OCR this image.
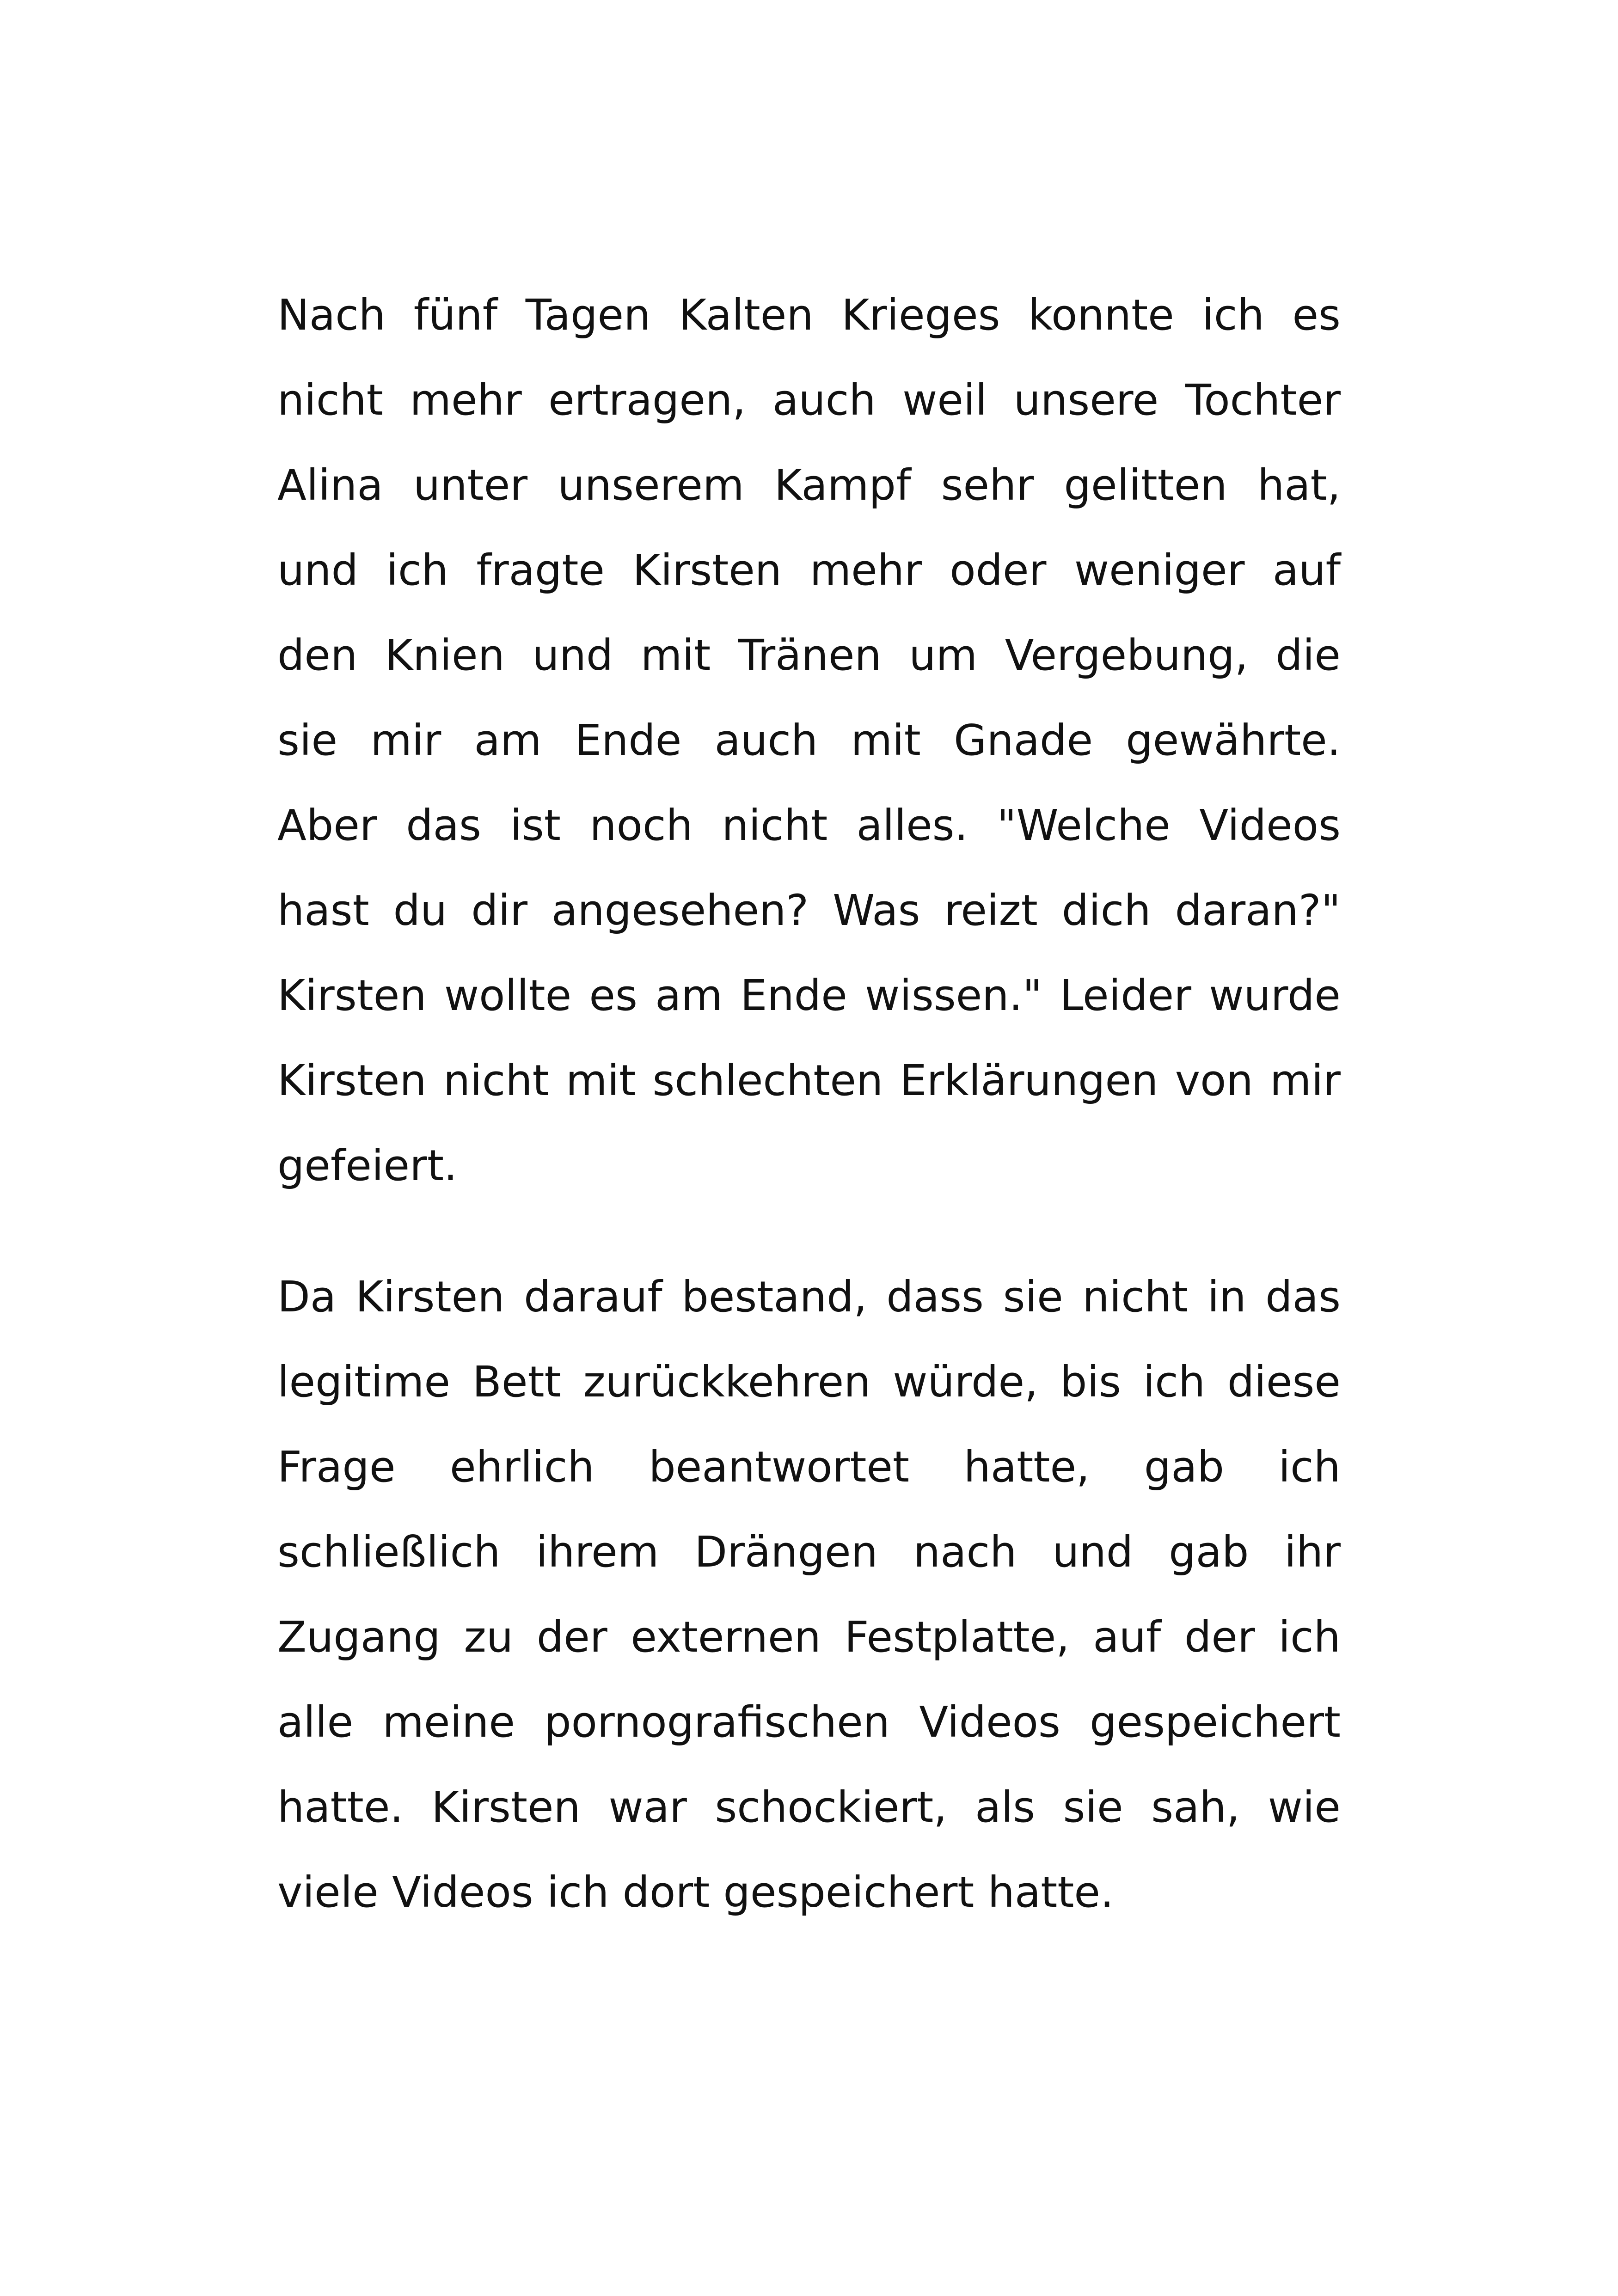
Nach fünf Tagen Kalten Krieges konnte ich es
nicht mehr ertragen, auch weil unsere Tochter
Alina unter unserem Kampf sehr gelitten hat,
und ich fragte Kirsten mehr oder weniger auf
den Knien und mit Tränen um Vergebung, die
sie mir am Ende auch mit Gnade gewährte.
Aber das ist noch nicht alles. "Welche Videos
hast du dir angesehen? Was reizt dich daran?"
Kirsten wollte es am Ende wissen." Leider wurde
Kirsten nicht mit schlechten Erklärungen von mir
gefeiert.
Da Kirsten darauf bestand, dass sie nicht in das
legitime Bett zurückkehren würde, bis ich diese
Frage ehrlich beantwortet hatte, gab ich
schließlich ihrem Drängen nach und gab ihr
Zugang zu der externen Festplatte, auf der ich
alle meine pornografischen Videos gespeichert
hatte. Kirsten war schockiert, als sie sah, wie
viele Videos ich dort gespeichert hatte.
